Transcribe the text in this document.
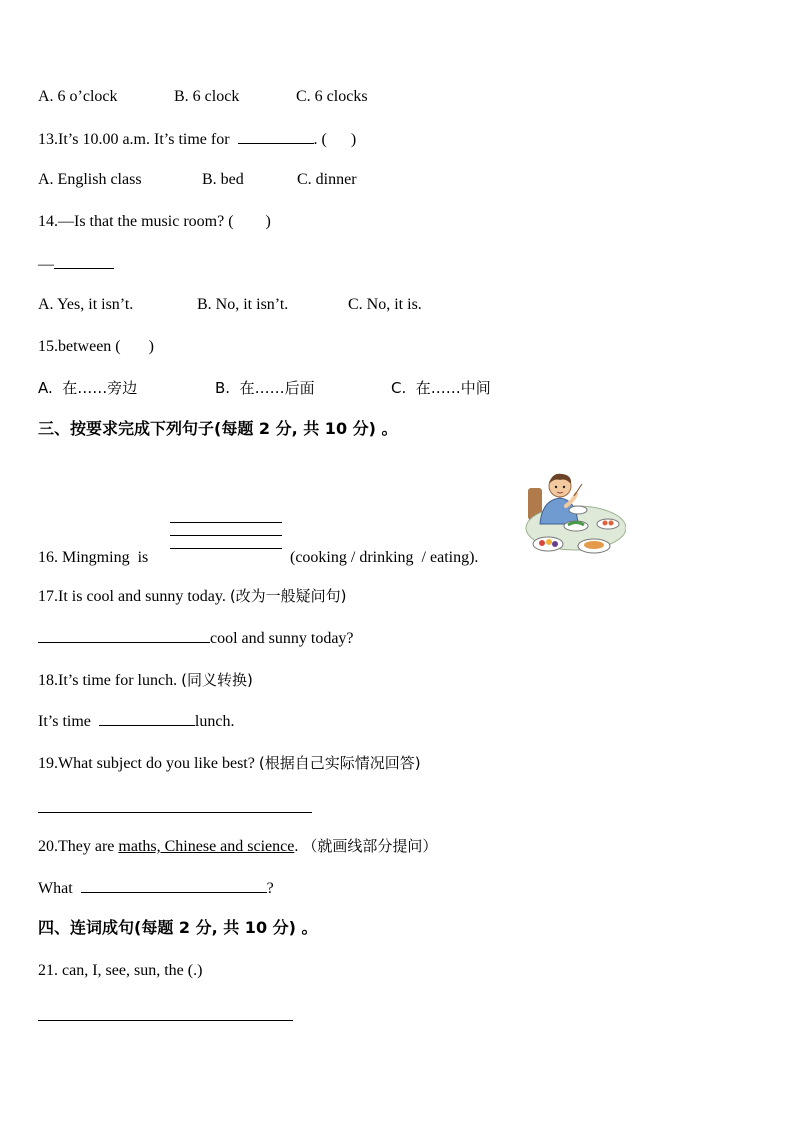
A. 6 o’clock	B. 6 clock	C. 6 clocks
13.It’s 10.00 a.m. It’s time for	. (      )
A. English class	B. bed	C. dinner
14.—Is that the music room? (        )
—
A. Yes, it isn’t.	B. No, it isn’t.	C. No, it is.
15.between (       )
A.  在……旁边	B.  在……后面	C.  在……中间
三、按要求完成下列句子(每题 2 分, 共 10 分) 。
16. Mingming  is	(cooking / drinking  / eating).
17.It is cool and sunny today. (改为一般疑问句)
cool and sunny today?
18.It’s time for lunch. (同义转换)
It’s time	lunch.
19.What subject do you like best? (根据自己实际情况回答)
20.They are maths, Chinese and science. （就画线部分提问）
What	?
四、连词成句(每题 2 分, 共 10 分) 。
21. can, I, see, sun, the (.)
